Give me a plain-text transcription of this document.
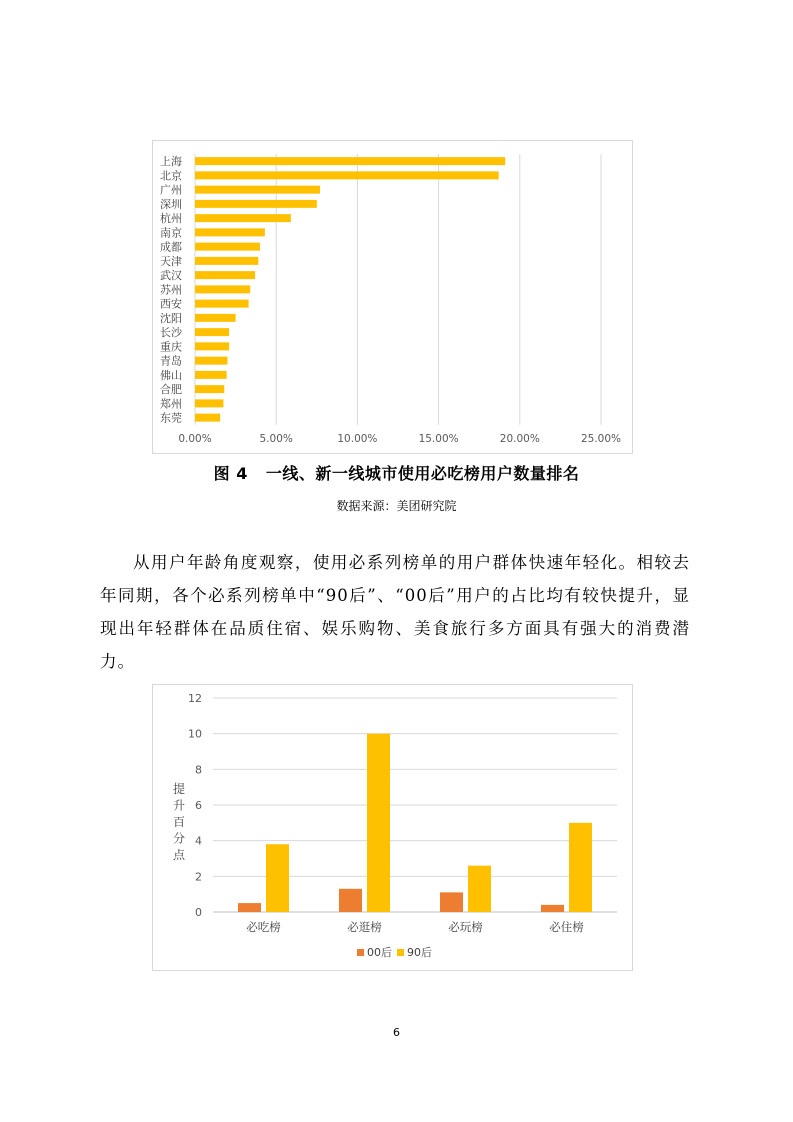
0.00%	5.00%	10.00%	15.00%	20.00%	25.00%
上海
北京
广州
深圳
杭州
南京
成都
天津
武汉
苏州
西安
沈阳
长沙
重庆
青岛
佛山
合肥
郑州
东莞
图 4 一线、新一线城市使用必吃榜用户数量排名
数据来源：美团研究院

从用户年龄角度观察，使用必系列榜单的用户群体快速年轻化。相较去年同期，各个必系列榜单中“90后”、“00后”用户的占比均有较快提升，显现出年轻群体在品质住宿、娱乐购物、美食旅行多方面具有强大的消费潜力。

0
2
4
6
8
10
12
提
升
百
分
点
必吃榜	必逛榜	必玩榜	必住榜
00后 90后
6
